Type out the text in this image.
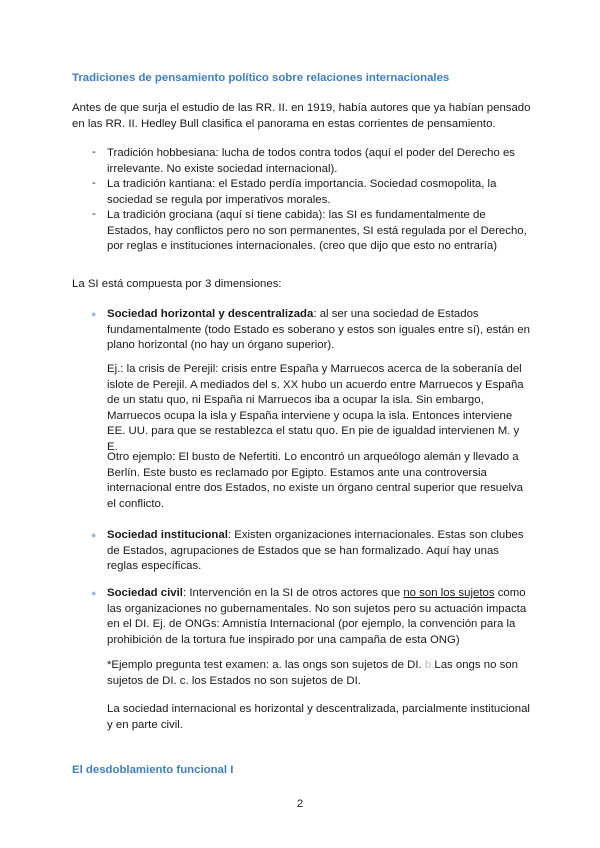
Tradiciones de pensamiento político sobre relaciones internacionales
Antes de que surja el estudio de las RR. II. en 1919, había autores que ya habían pensado en las RR. II. Hedley Bull clasifica el panorama en estas corrientes de pensamiento.
- Tradición hobbesiana: lucha de todos contra todos (aquí el poder del Derecho es irrelevante. No existe sociedad internacional).
- La tradición kantiana: el Estado perdía importancia. Sociedad cosmopolita, la sociedad se regula por imperativos morales.
- La tradición grociana (aquí sí tiene cabida): las SI es fundamentalmente de Estados, hay conflictos pero no son permanentes, SI está regulada por el Derecho, por reglas e instituciones internacionales. (creo que dijo que esto no entraría)
La SI está compuesta por 3 dimensiones:
● Sociedad horizontal y descentralizada: al ser una sociedad de Estados fundamentalmente (todo Estado es soberano y estos son iguales entre sí), están en plano horizontal (no hay un órgano superior).
Ej.: la crisis de Perejil: crisis entre España y Marruecos acerca de la soberanía del islote de Perejil. A mediados del s. XX hubo un acuerdo entre Marruecos y España de un statu quo, ni España ni Marruecos iba a ocupar la isla. Sin embargo, Marruecos ocupa la isla y España interviene y ocupa la isla. Entonces interviene EE. UU. para que se restablezca el statu quo. En pie de igualdad intervienen M. y E.
Otro ejemplo: El busto de Nefertiti. Lo encontró un arqueólogo alemán y llevado a Berlín. Este busto es reclamado por Egipto. Estamos ante una controversia internacional entre dos Estados, no existe un órgano central superior que resuelva el conflicto.
● Sociedad institucional: Existen organizaciones internacionales. Estas son clubes de Estados, agrupaciones de Estados que se han formalizado. Aquí hay unas reglas específicas.
● Sociedad civil: Intervención en la SI de otros actores que no son los sujetos como las organizaciones no gubernamentales. No son sujetos pero su actuación impacta en el DI. Ej. de ONGs: Amnistía Internacional (por ejemplo, la convención para la prohibición de la tortura fue inspirado por una campaña de esta ONG)
*Ejemplo pregunta test examen: a. las ongs son sujetos de DI. b.Las ongs no son sujetos de DI. c. los Estados no son sujetos de DI.
La sociedad internacional es horizontal y descentralizada, parcialmente institucional y en parte civil.
El desdoblamiento funcional I
2
